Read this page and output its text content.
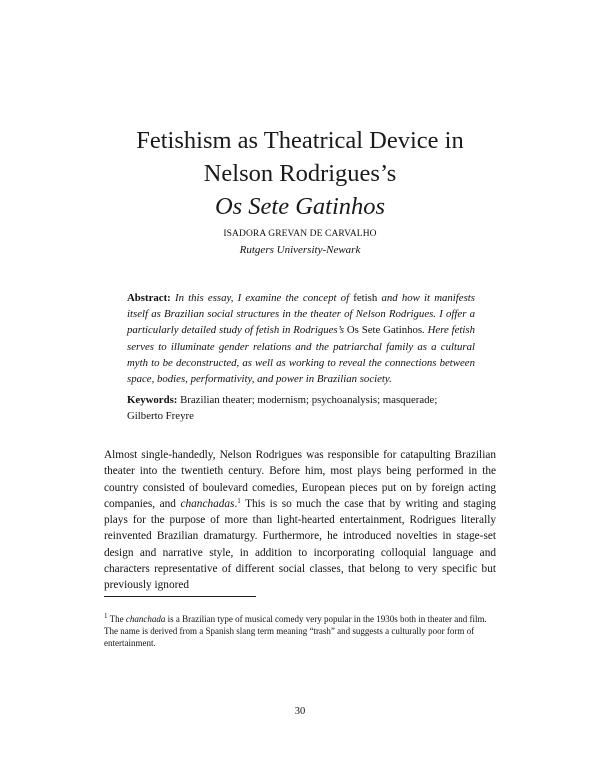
Fetishism as Theatrical Device in
Nelson Rodrigues’s
Os Sete Gatinhos
ISADORA GREVAN DE CARVALHO
Rutgers University-Newark

Abstract: In this essay, I examine the concept of fetish and how it manifests itself as Brazilian social structures in the theater of Nelson Rodrigues. I offer a particularly detailed study of fetish in Rodrigues’s Os Sete Gatinhos. Here fetish serves to illuminate gender relations and the patriarchal family as a cultural myth to be deconstructed, as well as working to reveal the connections between space, bodies, performativity, and power in Brazilian society.

Keywords: Brazilian theater; modernism; psychoanalysis; masquerade; Gilberto Freyre

Almost single-handedly, Nelson Rodrigues was responsible for catapulting Brazilian theater into the twentieth century. Before him, most plays being performed in the country consisted of boulevard comedies, European pieces put on by foreign acting companies, and chanchadas.$^1$ This is so much the case that by writing and staging plays for the purpose of more than light-hearted entertainment, Rodrigues literally reinvented Brazilian dramaturgy. Furthermore, he introduced novelties in stage-set design and narrative style, in addition to incorporating colloquial language and characters representative of different social classes, that belong to very specific but previously ignored

$^1$ The chanchada is a Brazilian type of musical comedy very popular in the 1930s both in theater and film. The name is derived from a Spanish slang term meaning “trash” and suggests a culturally poor form of entertainment.

30
